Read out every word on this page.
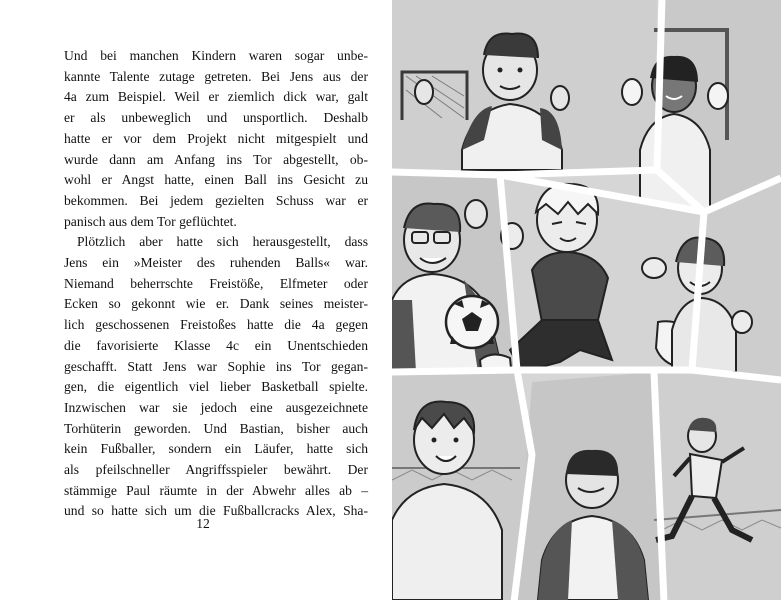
Und bei manchen Kindern waren sogar unbe-
kannte Talente zutage getreten. Bei Jens aus der
4a zum Beispiel. Weil er ziemlich dick war, galt
er als unbeweglich und unsportlich. Deshalb
hatte er vor dem Projekt nicht mitgespielt und
wurde dann am Anfang ins Tor abgestellt, ob-
wohl er Angst hatte, einen Ball ins Gesicht zu
bekommen. Bei jedem gezielten Schuss war er
panisch aus dem Tor geflüchtet.

Plötzlich aber hatte sich herausgestellt, dass
Jens ein »Meister des ruhenden Balls« war.
Niemand beherrschte Freistöße, Elfmeter oder
Ecken so gekonnt wie er. Dank seines meister-
lich geschossenen Freistoßes hatte die 4a gegen
die favorisierte Klasse 4c ein Unentschieden
geschafft. Statt Jens war Sophie ins Tor gegan-
gen, die eigentlich viel lieber Basketball spielte.
Inzwischen war sie jedoch eine ausgezeichnete
Torhüterin geworden. Und Bastian, bisher auch
kein Fußballer, sondern ein Läufer, hatte sich
als pfeilschneller Angriffsspieler bewährt. Der
stämmige Paul räumte in der Abwehr alles ab –
und so hatte sich um die Fußballcracks Alex, Sha-

12
